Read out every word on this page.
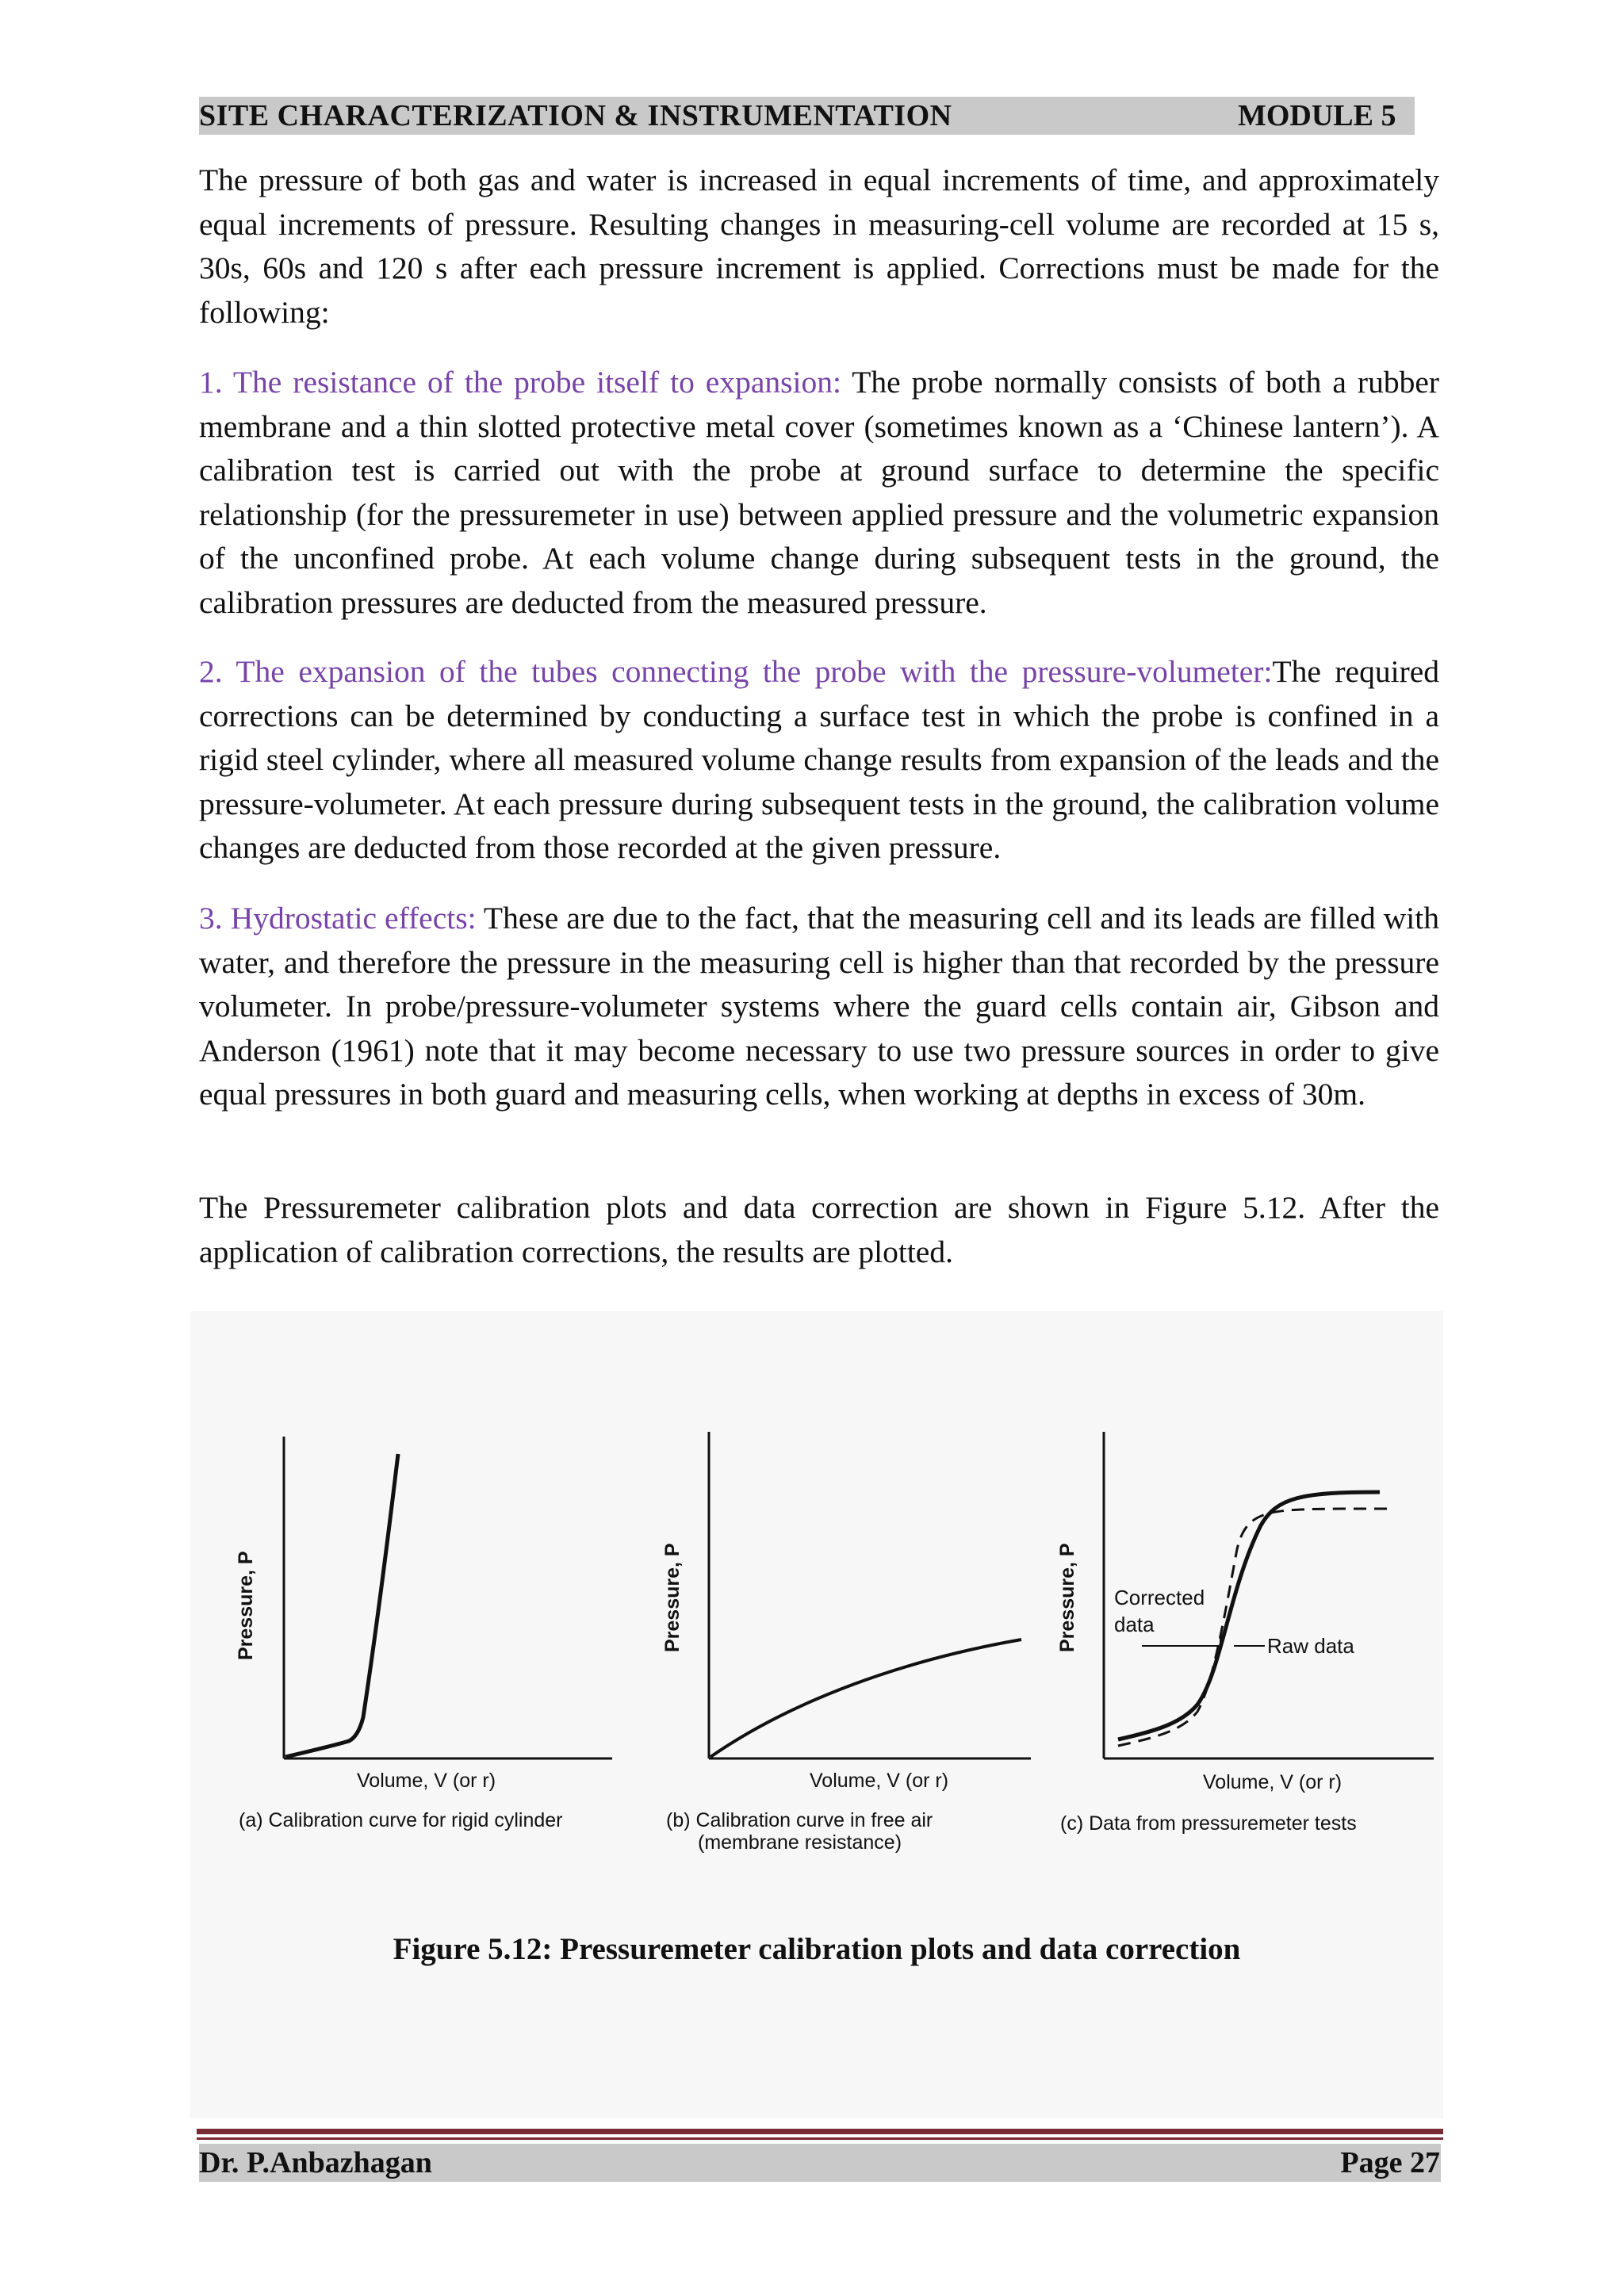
SITE CHARACTERIZATION & INSTRUMENTATION	MODULE 5

The pressure of both gas and water is increased in equal increments of time, and approximately equal increments of pressure. Resulting changes in measuring-cell volume are recorded at 15 s, 30s, 60s and 120 s after each pressure increment is applied. Corrections must be made for the following:

1. The resistance of the probe itself to expansion: The probe normally consists of both a rubber membrane and a thin slotted protective metal cover (sometimes known as a ‘Chinese lantern’). A calibration test is carried out with the probe at ground surface to determine the specific relationship (for the pressuremeter in use) between applied pressure and the volumetric expansion of the unconfined probe. At each volume change during subsequent tests in the ground, the calibration pressures are deducted from the measured pressure.

2. The expansion of the tubes connecting the probe with the pressure-volumeter:The required corrections can be determined by conducting a surface test in which the probe is confined in a rigid steel cylinder, where all measured volume change results from expansion of the leads and the pressure-volumeter. At each pressure during subsequent tests in the ground, the calibration volume changes are deducted from those recorded at the given pressure.

3. Hydrostatic effects: These are due to the fact, that the measuring cell and its leads are filled with water, and therefore the pressure in the measuring cell is higher than that recorded by the pressure volumeter. In probe/pressure-volumeter systems where the guard cells contain air, Gibson and Anderson (1961) note that it may become necessary to use two pressure sources in order to give equal pressures in both guard and measuring cells, when working at depths in excess of 30m.

The Pressuremeter calibration plots and data correction are shown in Figure 5.12. After the application of calibration corrections, the results are plotted.

Pressure, P
Volume, V (or r)
(a) Calibration curve for rigid cylinder
Pressure, P
Volume, V (or r)
(b) Calibration curve in free air
(membrane resistance)
Pressure, P Corrected
data
Raw data
Volume, V (or r)
(c) Data from pressuremeter tests
Figure 5.12: Pressuremeter calibration plots and data correction
Dr. P.Anbazhagan	Page 27
